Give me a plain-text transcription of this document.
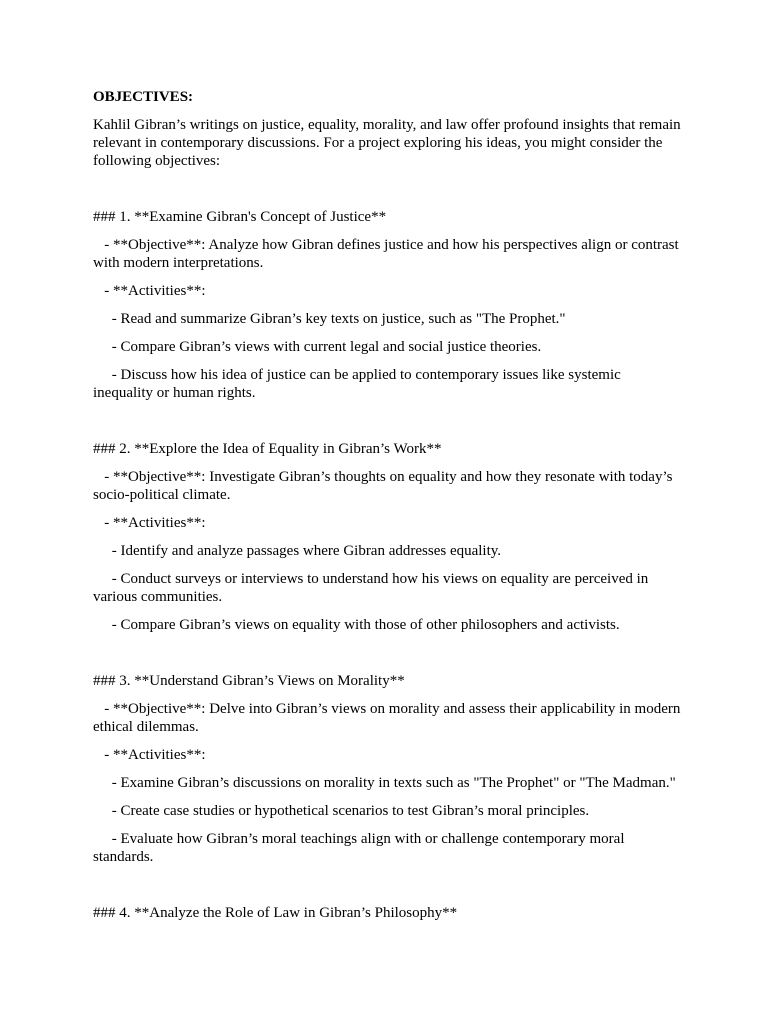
OBJECTIVES:

Kahlil Gibran’s writings on justice, equality, morality, and law offer profound insights that remain relevant in contemporary discussions. For a project exploring his ideas, you might consider the following objectives:

### 1. **Examine Gibran's Concept of Justice**

- **Objective**: Analyze how Gibran defines justice and how his perspectives align or contrast with modern interpretations.

- **Activities**:

- Read and summarize Gibran’s key texts on justice, such as "The Prophet."

- Compare Gibran’s views with current legal and social justice theories.

- Discuss how his idea of justice can be applied to contemporary issues like systemic inequality or human rights.

### 2. **Explore the Idea of Equality in Gibran’s Work**

- **Objective**: Investigate Gibran’s thoughts on equality and how they resonate with today’s socio-political climate.

- **Activities**:

- Identify and analyze passages where Gibran addresses equality.

- Conduct surveys or interviews to understand how his views on equality are perceived in various communities.

- Compare Gibran’s views on equality with those of other philosophers and activists.

### 3. **Understand Gibran’s Views on Morality**

- **Objective**: Delve into Gibran’s views on morality and assess their applicability in modern ethical dilemmas.

- **Activities**:

- Examine Gibran’s discussions on morality in texts such as "The Prophet" or "The Madman."

- Create case studies or hypothetical scenarios to test Gibran’s moral principles.

- Evaluate how Gibran’s moral teachings align with or challenge contemporary moral standards.

### 4. **Analyze the Role of Law in Gibran’s Philosophy**
